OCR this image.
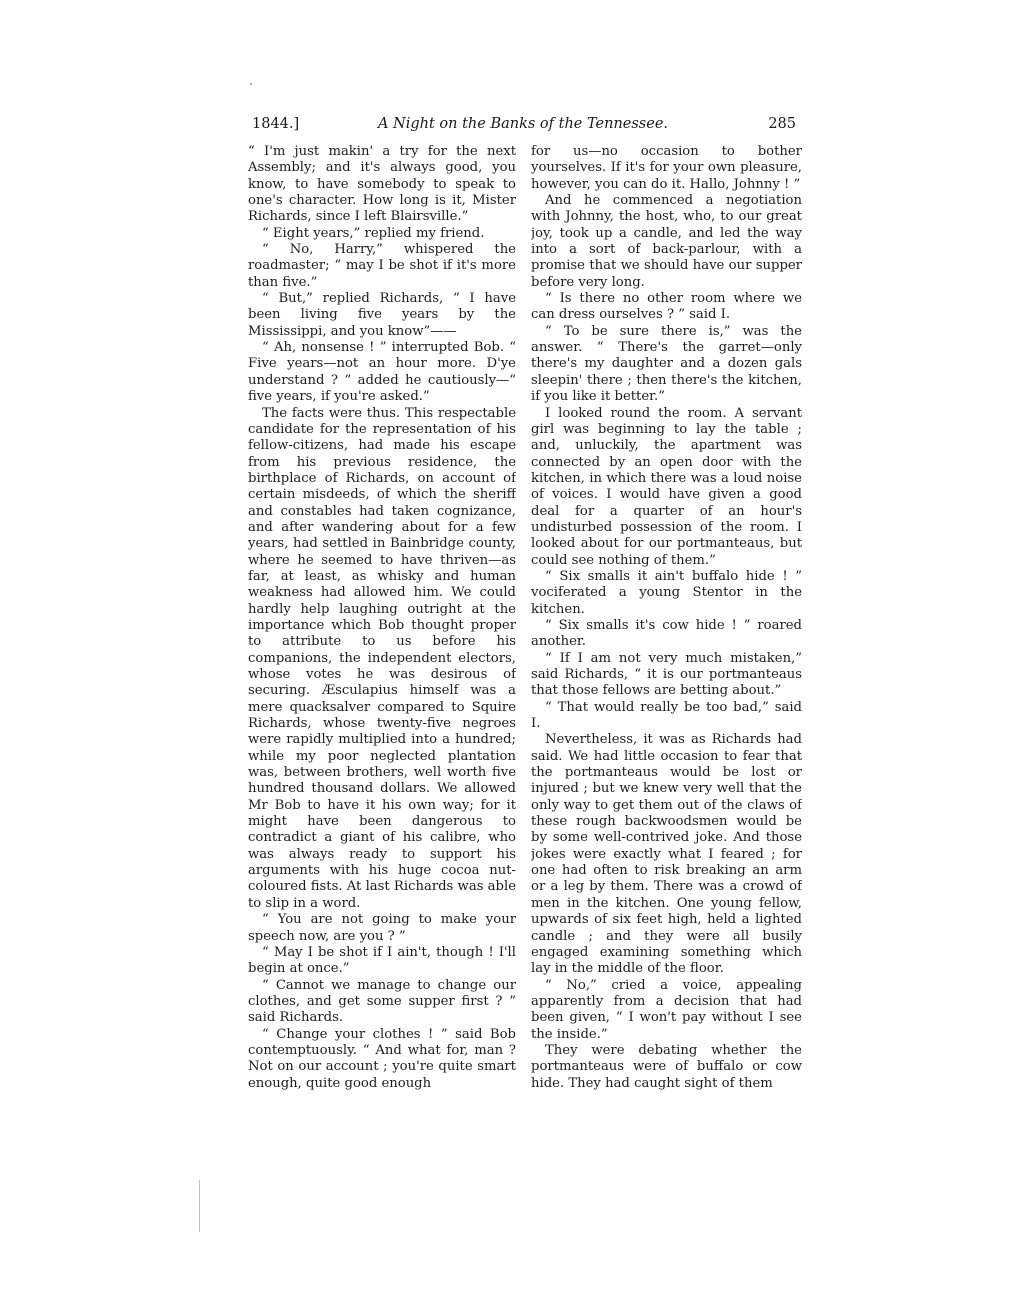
1844.]	A Night on the Banks of the Tennessee.	285

“ I'm just makin' a try for the next Assembly; and it's always good, you know, to have somebody to speak to one's character. How long is it, Mister Richards, since I left Blairsville.”

“ Eight years,” replied my friend.

“ No, Harry,” whispered the roadmaster; “ may I be shot if it's more than five.”

“ But,” replied Richards, “ I have been living five years by the Mississippi, and you know”——

“ Ah, nonsense ! ” interrupted Bob. “ Five years—not an hour more. D'ye understand ? ” added he cautiously—“ five years, if you're asked.”

The facts were thus. This respectable candidate for the representation of his fellow-citizens, had made his escape from his previous residence, the birthplace of Richards, on account of certain misdeeds, of which the sheriff and constables had taken cognizance, and after wandering about for a few years, had settled in Bainbridge county, where he seemed to have thriven—as far, at least, as whisky and human weakness had allowed him. We could hardly help laughing outright at the importance which Bob thought proper to attribute to us before his companions, the independent electors, whose votes he was desirous of securing. Æsculapius himself was a mere quacksalver compared to Squire Richards, whose twenty-five negroes were rapidly multiplied into a hundred; while my poor neglected plantation was, between brothers, well worth five hundred thousand dollars. We allowed Mr Bob to have it his own way; for it might have been dangerous to contradict a giant of his calibre, who was always ready to support his arguments with his huge cocoa nut-coloured fists. At last Richards was able to slip in a word.

“ You are not going to make your speech now, are you ? ”

“ May I be shot if I ain't, though ! I'll begin at once.”

“ Cannot we manage to change our clothes, and get some supper first ? ” said Richards.

“ Change your clothes ! ” said Bob contemptuously. “ And what for, man ? Not on our account ; you're quite smart enough, quite good enough

for us—no occasion to bother yourselves. If it's for your own pleasure, however, you can do it. Hallo, Johnny ! ”

And he commenced a negotiation with Johnny, the host, who, to our great joy, took up a candle, and led the way into a sort of back-parlour, with a promise that we should have our supper before very long.

“ Is there no other room where we can dress ourselves ? ” said I.

“ To be sure there is,” was the answer. “ There's the garret—only there's my daughter and a dozen gals sleepin' there ; then there's the kitchen, if you like it better.”

I looked round the room. A servant girl was beginning to lay the table ; and, unluckily, the apartment was connected by an open door with the kitchen, in which there was a loud noise of voices. I would have given a good deal for a quarter of an hour's undisturbed possession of the room. I looked about for our portmanteaus, but could see nothing of them.”

“ Six smalls it ain't buffalo hide ! ” vociferated a young Stentor in the kitchen.

“ Six smalls it's cow hide ! ” roared another.

“ If I am not very much mistaken,” said Richards, “ it is our portmanteaus that those fellows are betting about.”

“ That would really be too bad,” said I.

Nevertheless, it was as Richards had said. We had little occasion to fear that the portmanteaus would be lost or injured ; but we knew very well that the only way to get them out of the claws of these rough backwoodsmen would be by some well-contrived joke. And those jokes were exactly what I feared ; for one had often to risk breaking an arm or a leg by them. There was a crowd of men in the kitchen. One young fellow, upwards of six feet high, held a lighted candle ; and they were all busily engaged examining something which lay in the middle of the floor.

“ No,” cried a voice, appealing apparently from a decision that had been given, “ I won't pay without I see the inside.”

They were debating whether the portmanteaus were of buffalo or cow hide. They had caught sight of them
